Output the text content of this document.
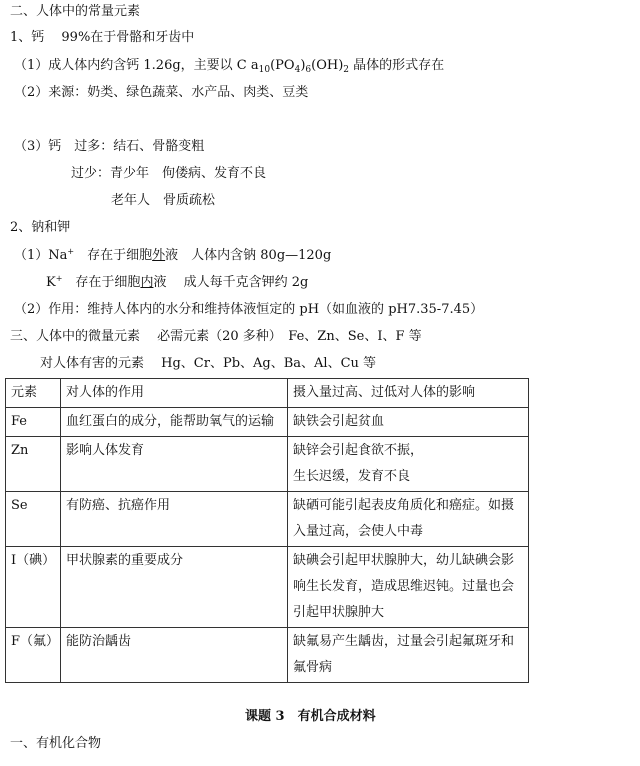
二、人体中的常量元素
1、钙　 99%在于骨骼和牙齿中
（1）成人体内约含钙 1.26g，主要以 C $a_{10}(PO_4)_6(OH)_2$ 晶体的形式存在
（2）来源：奶类、绿色蔬菜、水产品、肉类、豆类
（3）钙　过多：结石、骨骼变粗
过少：青少年　佝偻病、发育不良
老年人　骨质疏松
2、钠和钾
（1）Na+　存在于细胞外液　人体内含钠 80g—120g
K+　存在于细胞内液　 成人每千克含钾约 2g
（2）作用：维持人体内的水分和维持体液恒定的 pH（如血液的 pH7.35-7.45）
三、人体中的微量元素　 必需元素（20 多种）　Fe、Zn、Se、I、F 等
对人体有害的元素　 Hg、Cr、Pb、Ag、Ba、Al、Cu 等
元素	对人体的作用	摄入量过高、过低对人体的影响
Fe	血红蛋白的成分，能帮助氧气的运输	缺铁会引起贫血
Zn	影响人体发育	缺锌会引起食欲不振，
生长迟缓，发育不良
Se	有防癌、抗癌作用	缺硒可能引起表皮角质化和癌症。如摄入量过高，会使人中毒
I（碘）	甲状腺素的重要成分	缺碘会引起甲状腺肿大，幼儿缺碘会影响生长发育，造成思维迟钝。过量也会引起甲状腺肿大
F（氟）	能防治龋齿	缺氟易产生龋齿，过量会引起氟斑牙和氟骨病
课题 3　有机合成材料
一、有机化合物
